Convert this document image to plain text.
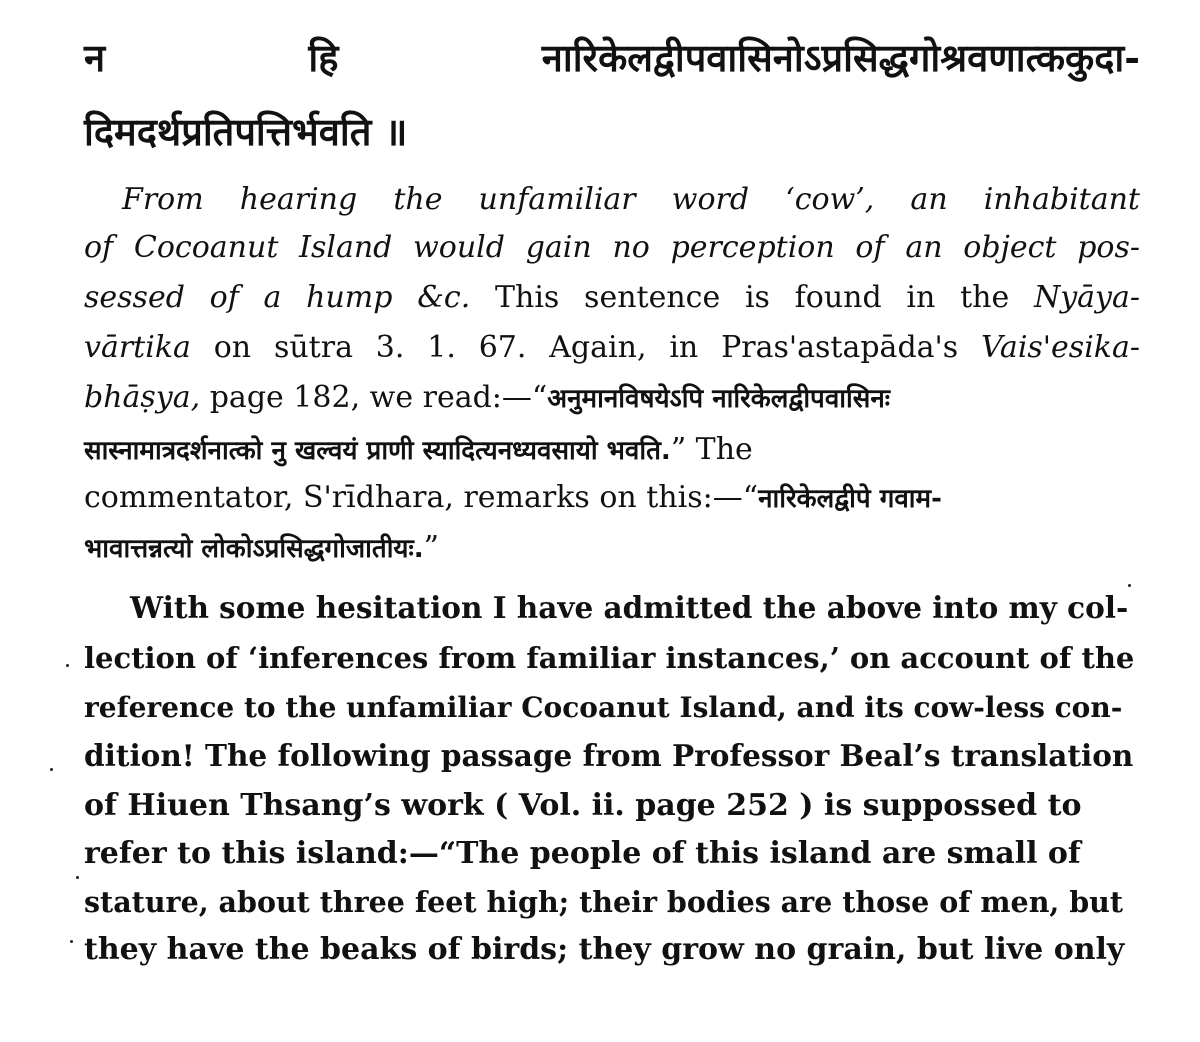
न हि नारिकेलद्वीपवासिनोऽप्रसिद्धगोश्रवणात्ककुदा-
दिमदर्थप्रतिपत्तिर्भवति ॥
From hearing the unfamiliar word ‘cow’, an inhabitant
of Cocoanut Island would gain no perception of an object pos-
sessed of a hump &c. This sentence is found in the Nyāya-
vārtika on sūtra 3. 1. 67. Again, in Pras'astapāda's Vais'esika-
bhāṣya, page 182, we read:—“अनुमानविषयेऽपि नारिकेलद्वीपवासिनः
सास्नामात्रदर्शनात्को नु खल्वयं प्राणी स्यादित्यनध्यवसायो भवति.” The
commentator, S'rīdhara, remarks on this:—“नारिकेलद्वीपे गवाम-
भावात्तन्नत्यो लोकोऽप्रसिद्धगोजातीयः.”
With some hesitation I have admitted the above into my col-
lection of ‘inferences from familiar instances,’ on account of the
reference to the unfamiliar Cocoanut Island, and its cow-less con-
dition! The following passage from Professor Beal’s translation
of Hiuen Thsang’s work ( Vol. ii. page 252 ) is suppossed to
refer to this island:—“The people of this island are small of
stature, about three feet high; their bodies are those of men, but
they have the beaks of birds; they grow no grain, but live only
